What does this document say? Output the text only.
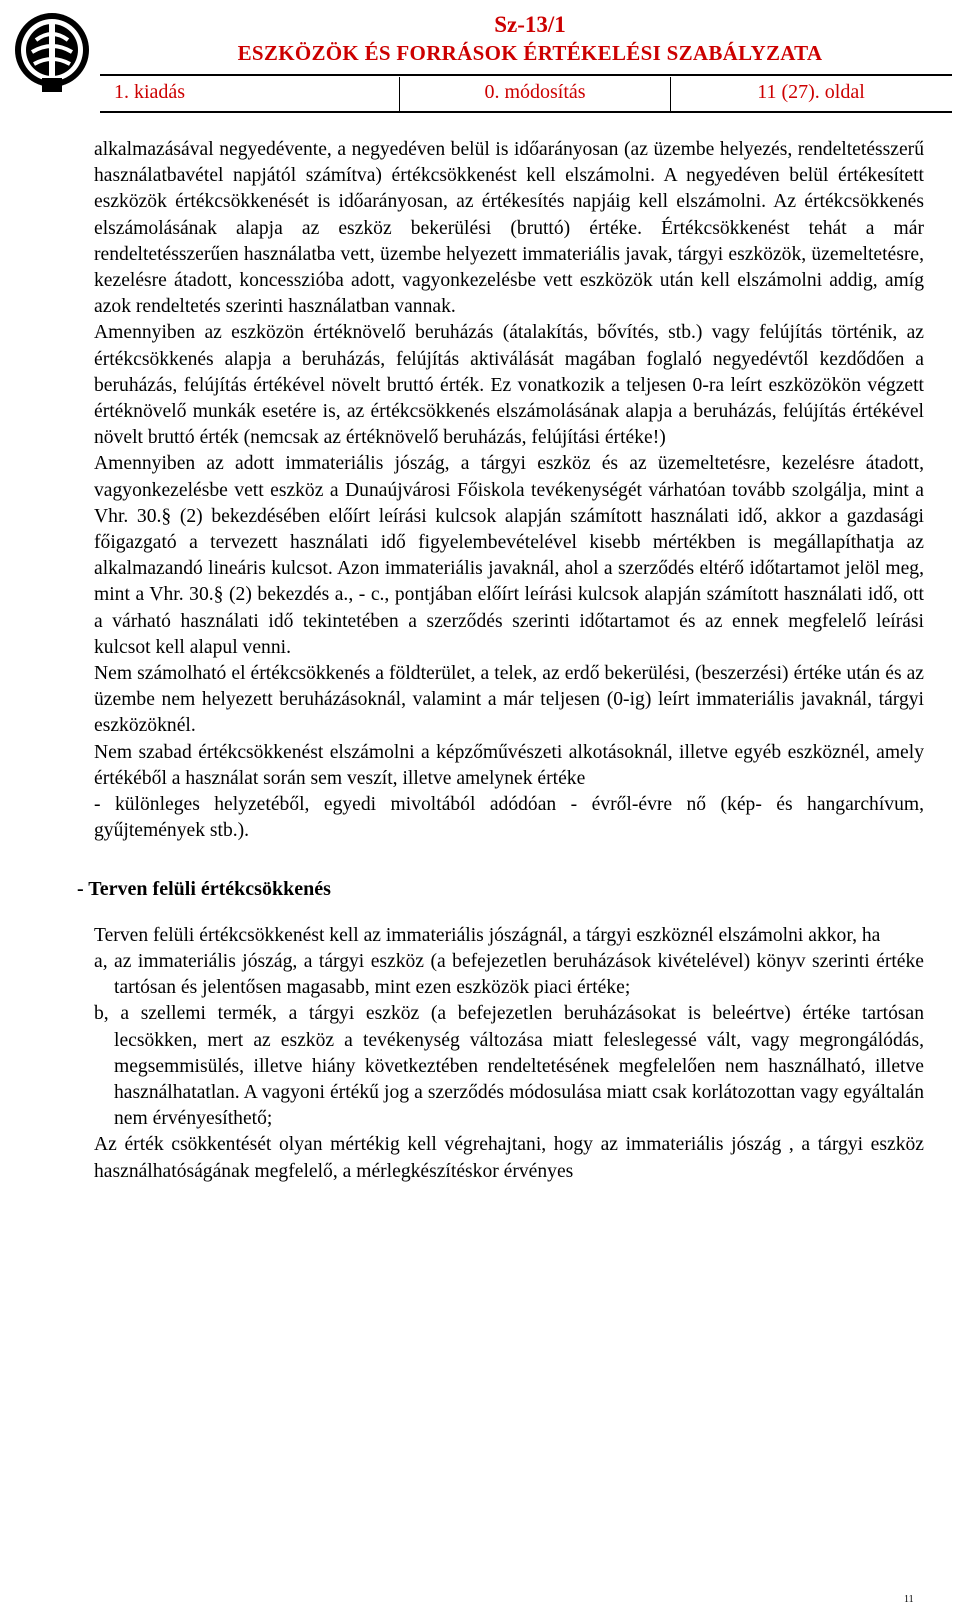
Sz-13/1
ESZKÖZÖK ÉS FORRÁSOK ÉRTÉKELÉSI SZABÁLYZATA
1. kiadás	0. módosítás	11 (27). oldal

alkalmazásával negyedévente, a negyedéven belül is időarányosan (az üzembe helyezés, rendeltetésszerű használatbavétel napjától számítva) értékcsökkenést kell elszámolni. A negyedéven belül értékesített eszközök értékcsökkenését is időarányosan, az értékesítés napjáig kell elszámolni. Az értékcsökkenés elszámolásának alapja az eszköz bekerülési (bruttó) értéke. Értékcsökkenést tehát a már rendeltetésszerűen használatba vett, üzembe helyezett immateriális javak, tárgyi eszközök, üzemeltetésre, kezelésre átadott, koncesszióba adott, vagyonkezelésbe vett eszközök után kell elszámolni addig, amíg azok rendeltetés szerinti használatban vannak.

Amennyiben az eszközön értéknövelő beruházás (átalakítás, bővítés, stb.) vagy felújítás történik, az értékcsökkenés alapja a beruházás, felújítás aktiválását magában foglaló negyedévtől kezdődően a beruházás, felújítás értékével növelt bruttó érték. Ez vonatkozik a teljesen 0-ra leírt eszközökön végzett értéknövelő munkák esetére is, az értékcsökkenés elszámolásának alapja a beruházás, felújítás értékével növelt bruttó érték (nemcsak az értéknövelő beruházás, felújítási értéke!)

Amennyiben az adott immateriális jószág, a tárgyi eszköz és az üzemeltetésre, kezelésre átadott, vagyonkezelésbe vett eszköz a Dunaújvárosi Főiskola tevékenységét várhatóan tovább szolgálja, mint a Vhr. 30.§ (2) bekezdésében előírt leírási kulcsok alapján számított használati idő, akkor a gazdasági főigazgató a tervezett használati idő figyelembevételével kisebb mértékben is megállapíthatja az alkalmazandó lineáris kulcsot. Azon immateriális javaknál, ahol a szerződés eltérő időtartamot jelöl meg, mint a Vhr. 30.§ (2) bekezdés a., - c., pontjában előírt leírási kulcsok alapján számított használati idő, ott a várható használati idő tekintetében a szerződés szerinti időtartamot és az ennek megfelelő leírási kulcsot kell alapul venni.

Nem számolható el értékcsökkenés a földterület, a telek, az erdő bekerülési, (beszerzési) értéke után és az üzembe nem helyezett beruházásoknál, valamint a már teljesen (0-ig) leírt immateriális javaknál, tárgyi eszközöknél.

Nem szabad értékcsökkenést elszámolni a képzőművészeti alkotásoknál, illetve egyéb eszköznél, amely értékéből a használat során sem veszít, illetve amelynek értéke

- különleges helyzetéből, egyedi mivoltából adódóan - évről-évre nő (kép- és hangarchívum, gyűjtemények stb.).

- Terven felüli értékcsökkenés

Terven felüli értékcsökkenést kell az immateriális jószágnál, a tárgyi eszköznél elszámolni akkor, ha

a, az immateriális jószág, a tárgyi eszköz (a befejezetlen beruházások kivételével) könyv szerinti értéke tartósan és jelentősen magasabb, mint ezen eszközök piaci értéke;

b, a szellemi termék, a tárgyi eszköz (a befejezetlen beruházásokat is beleértve) értéke tartósan lecsökken, mert az eszköz a tevékenység változása miatt feleslegessé vált, vagy megrongálódás, megsemmisülés, illetve hiány következtében rendeltetésének megfelelően nem használható, illetve használhatatlan. A vagyoni értékű jog a szerződés módosulása miatt csak korlátozottan vagy egyáltalán nem érvényesíthető;

Az érték csökkentését olyan mértékig kell végrehajtani, hogy az immateriális jószág , a tárgyi eszköz használhatóságának megfelelő, a mérlegkészítéskor érvényes

11
